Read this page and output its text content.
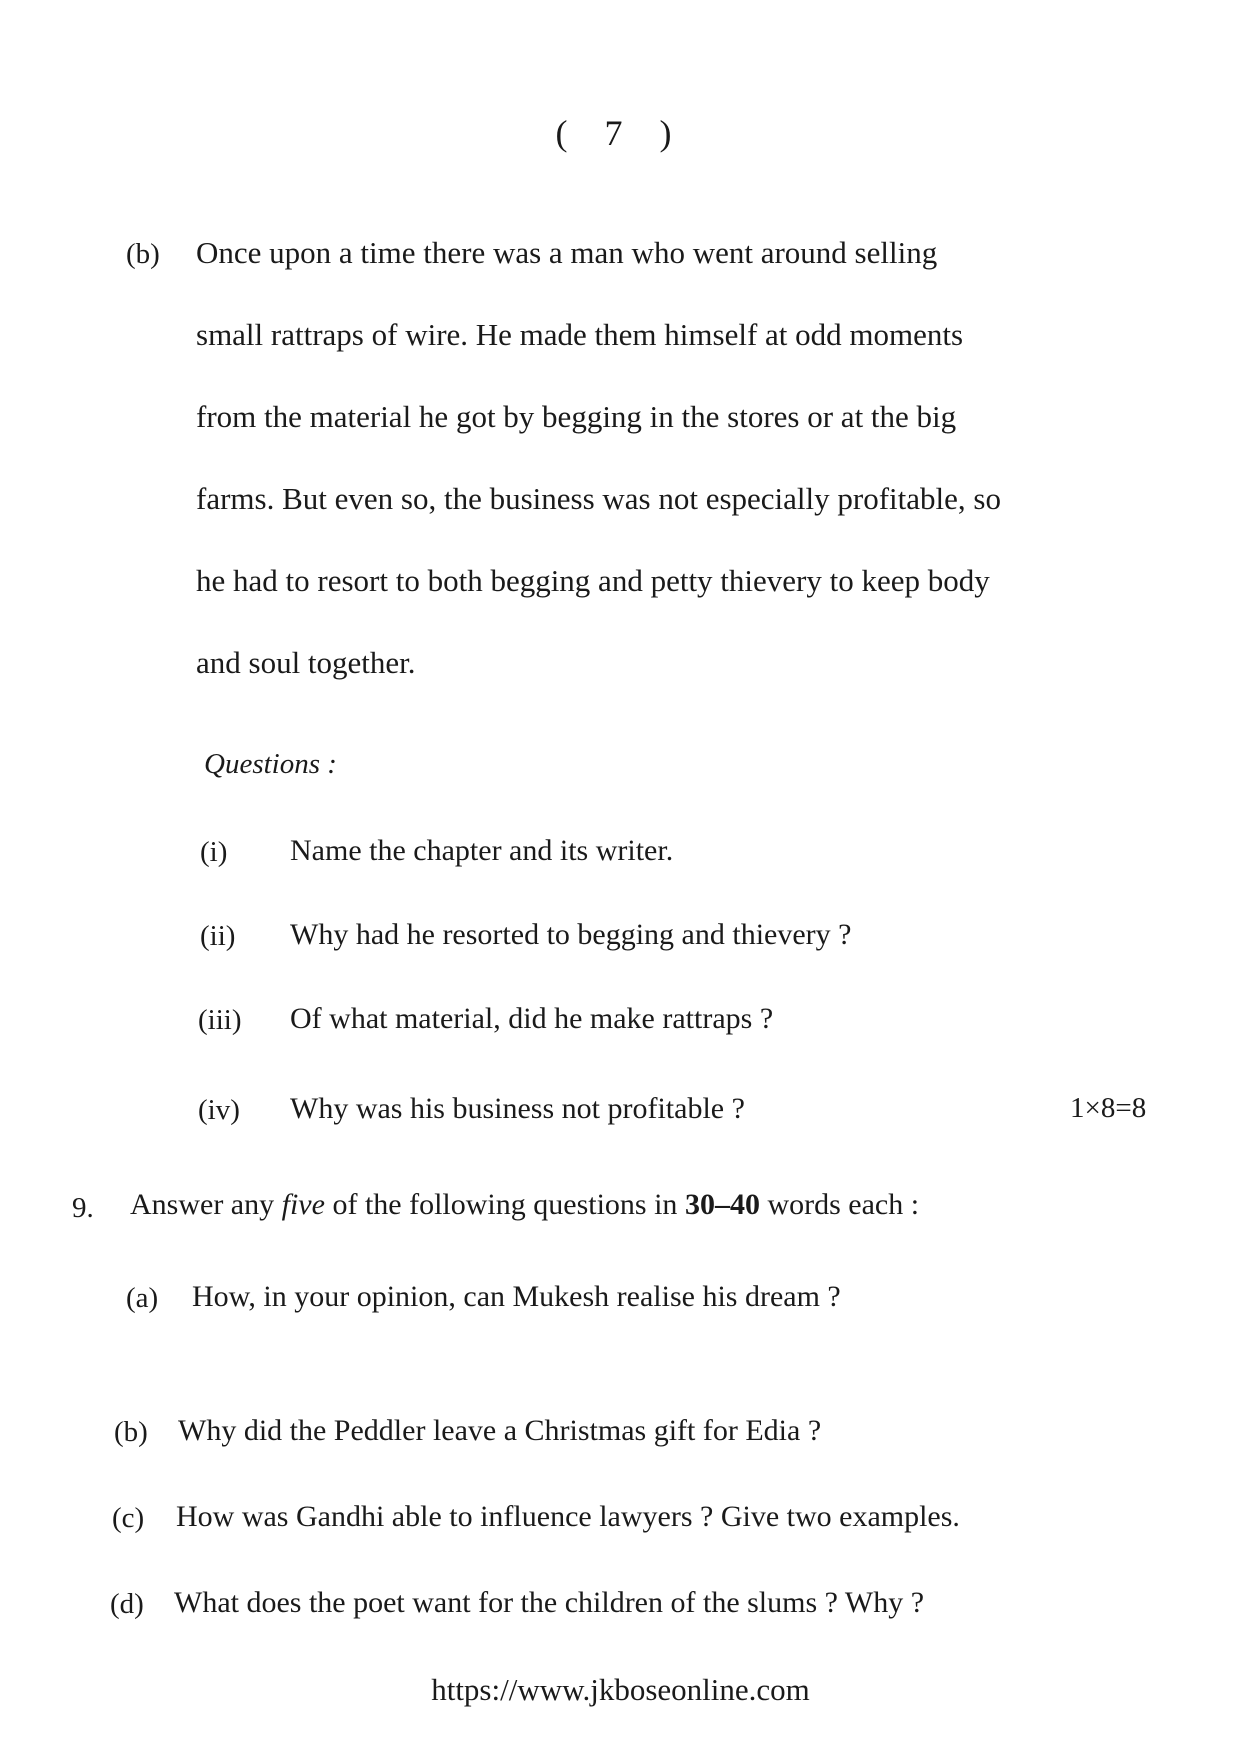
( 7 )
(b) Once upon a time there was a man who went around selling
small rattraps of wire. He made them himself at odd moments
from the material he got by begging in the stores or at the big
farms. But even so, the business was not especially profitable, so
he had to resort to both begging and petty thievery to keep body
and soul together.
Questions :
(i) Name the chapter and its writer.
(ii) Why had he resorted to begging and thievery ?
(iii) Of what material, did he make rattraps ?
(iv) Why was his business not profitable ?	1×8=8
9. Answer any five of the following questions in 30–40 words each :
(a) How, in your opinion, can Mukesh realise his dream ?
(b) Why did the Peddler leave a Christmas gift for Edia ?
(c) How was Gandhi able to influence lawyers ? Give two examples.
(d) What does the poet want for the children of the slums ? Why ?
https://www.jkboseonline.com
